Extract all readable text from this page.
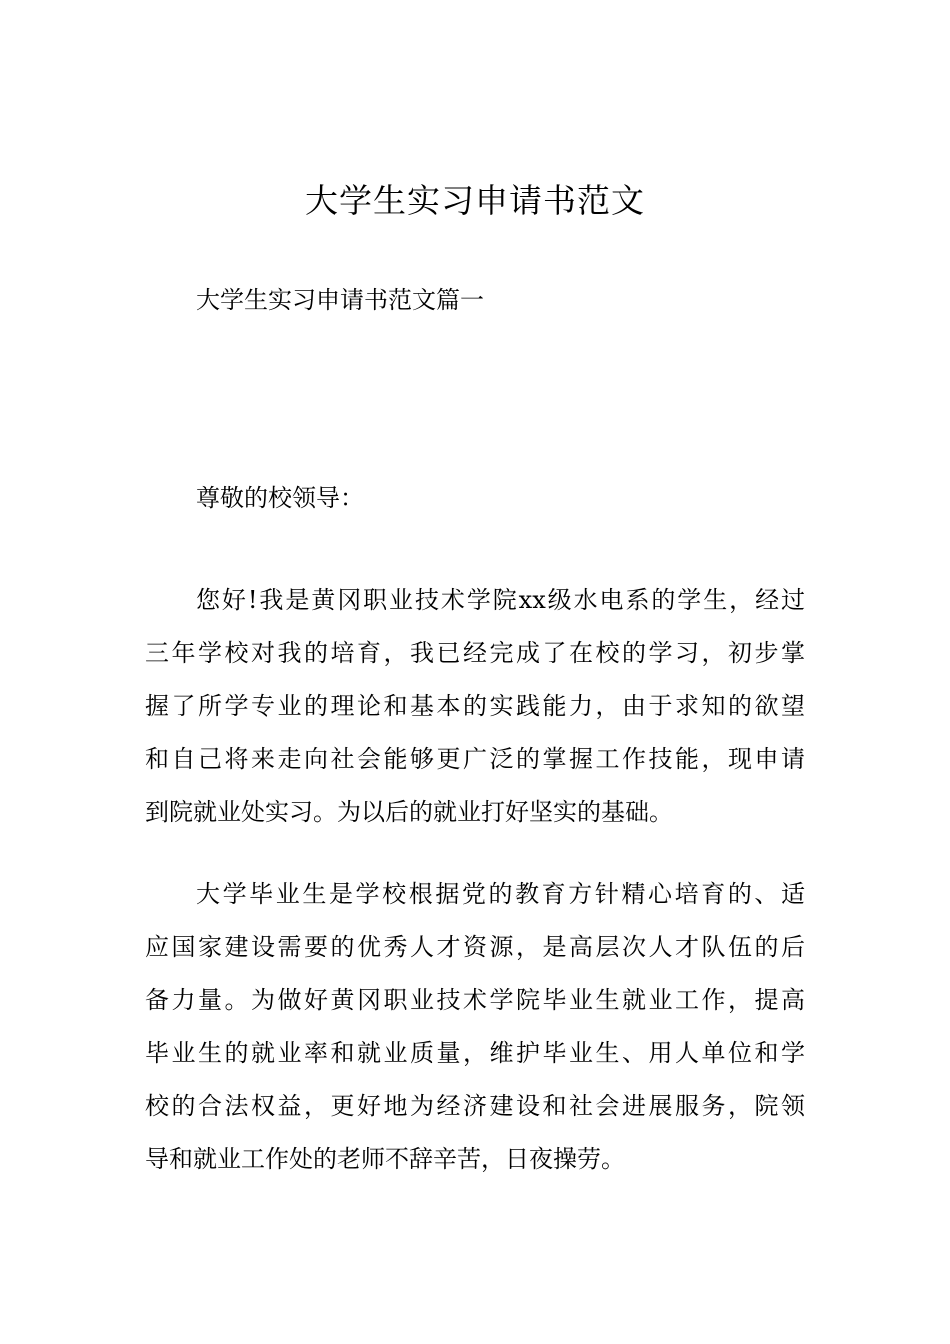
大学生实习申请书范文

大学生实习申请书范文篇一

尊敬的校领导：

您好!我是黄冈职业技术学院xx级水电系的学生，经过
三年学校对我的培育，我已经完成了在校的学习，初步掌
握了所学专业的理论和基本的实践能力，由于求知的欲望
和自己将来走向社会能够更广泛的掌握工作技能，现申请
到院就业处实习。为以后的就业打好坚实的基础。
大学毕业生是学校根据党的教育方针精心培育的、适
应国家建设需要的优秀人才资源，是高层次人才队伍的后
备力量。为做好黄冈职业技术学院毕业生就业工作，提高
毕业生的就业率和就业质量，维护毕业生、用人单位和学
校的合法权益，更好地为经济建设和社会进展服务，院领
导和就业工作处的老师不辞辛苦，日夜操劳。
